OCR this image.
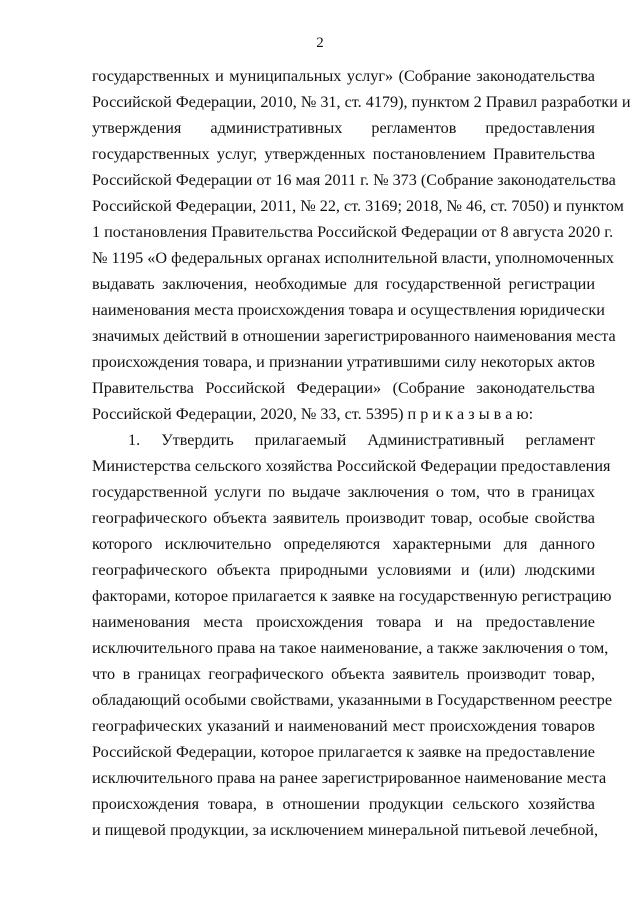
2
государственных и муниципальных услуг» (Собрание законодательства
Российской Федерации, 2010, № 31, ст. 4179), пунктом 2 Правил разработки и
утверждения административных регламентов предоставления
государственных услуг, утвержденных постановлением Правительства
Российской Федерации от 16 мая 2011 г. № 373 (Собрание законодательства
Российской Федерации, 2011, № 22, ст. 3169; 2018, № 46, ст. 7050) и пунктом
1 постановления Правительства Российской Федерации от 8 августа 2020 г.
№ 1195 «О федеральных органах исполнительной власти, уполномоченных
выдавать заключения, необходимые для государственной регистрации
наименования места происхождения товара и осуществления юридически
значимых действий в отношении зарегистрированного наименования места
происхождения товара, и признании утратившими силу некоторых актов
Правительства Российской Федерации» (Собрание законодательства
Российской Федерации, 2020, № 33, ст. 5395) п р и к а з ы в а ю:
1. Утвердить прилагаемый Административный регламент
Министерства сельского хозяйства Российской Федерации предоставления
государственной услуги по выдаче заключения о том, что в границах
географического объекта заявитель производит товар, особые свойства
которого исключительно определяются характерными для данного
географического объекта природными условиями и (или) людскими
факторами, которое прилагается к заявке на государственную регистрацию
наименования места происхождения товара и на предоставление
исключительного права на такое наименование, а также заключения о том,
что в границах географического объекта заявитель производит товар,
обладающий особыми свойствами, указанными в Государственном реестре
географических указаний и наименований мест происхождения товаров
Российской Федерации, которое прилагается к заявке на предоставление
исключительного права на ранее зарегистрированное наименование места
происхождения товара, в отношении продукции сельского хозяйства
и пищевой продукции, за исключением минеральной питьевой лечебной,
